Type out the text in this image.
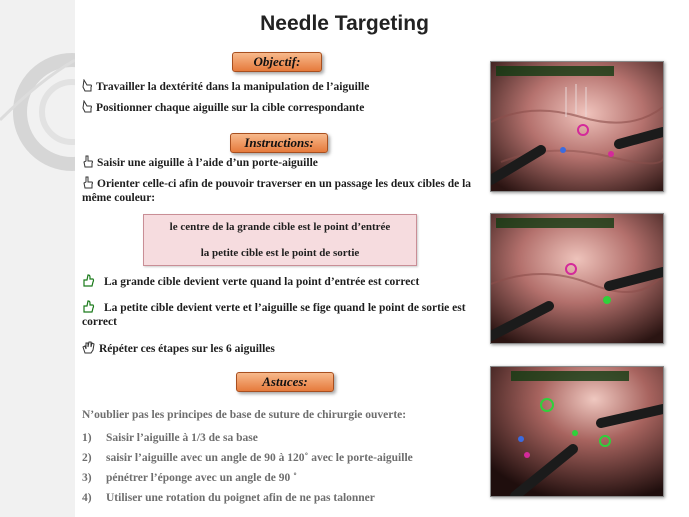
Needle Targeting
Objectif:
Travailler la dextérité dans la manipulation de l’aiguille
Positionner chaque aiguille sur la cible correspondante
Instructions:
Saisir une aiguille à l’aide d’un porte-aiguille
Orienter celle-ci afin de pouvoir traverser en un passage les deux cibles de la même couleur:
le centre de la grande cible est le point d’entrée
la petite cible est le point de sortie
La grande cible devient verte quand la point d’entrée est correct
La petite cible devient verte et l’aiguille se fige quand le point de sortie est correct
Répéter ces étapes sur les 6 aiguilles
Astuces:
N’oublier pas les principes de base de suture de chirurgie ouverte:
1) Saisir l’aiguille à 1/3 de sa base
2) saisir l’aiguille avec un angle de 90 à 120˚ avec le porte-aiguille
3) pénétrer l’éponge avec un angle de 90 ˚
4) Utiliser une rotation du poignet afin de ne pas talonner
